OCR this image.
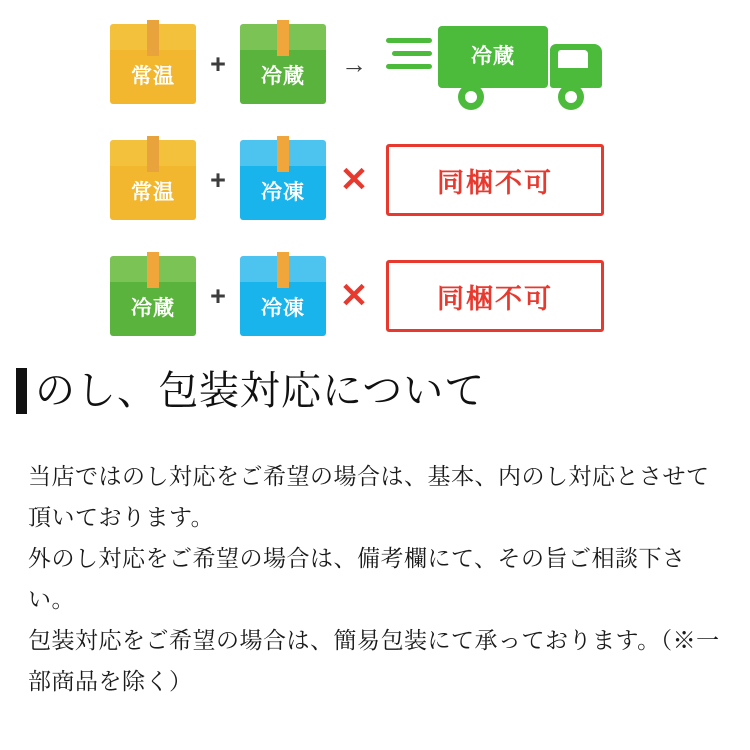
常温	+	冷蔵	→	冷蔵
常温	+	冷凍	✕	同梱不可
冷蔵	+	冷凍	✕	同梱不可
のし、包装対応について

当店ではのし対応をご希望の場合は、基本、内のし対応とさせて頂いております。

外のし対応をご希望の場合は、備考欄にて、その旨ご相談下さい。

包装対応をご希望の場合は、簡易包装にて承っております。（※一部商品を除く）
